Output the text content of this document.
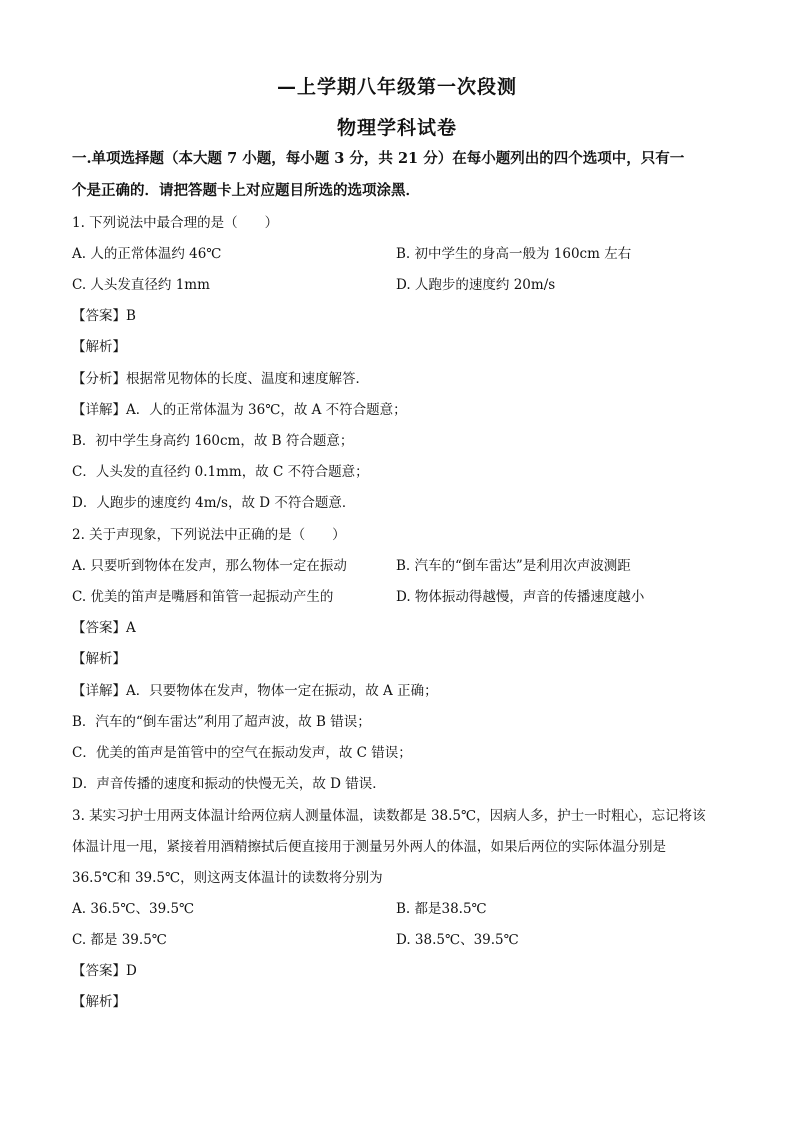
—上学期八年级第一次段测
物理学科试卷
一.单项选择题（本大题 7 小题，每小题 3 分，共 21 分）在每小题列出的四个选项中，只有一
个是正确的．请把答题卡上对应题目所选的选项涂黑．
1. 下列说法中最合理的是（　　）
A. 人的正常体温约 46℃	B. 初中学生的身高一般为 160cm 左右
C. 人头发直径约 1mm	D. 人跑步的速度约 20m/s
【答案】B
【解析】
【分析】根据常见物体的长度、温度和速度解答．
【详解】A．人的正常体温为 36℃，故 A 不符合题意；
B．初中学生身高约 160cm，故 B 符合题意；
C．人头发的直径约 0.1mm，故 C 不符合题意；
D．人跑步的速度约 4m/s，故 D 不符合题意．
2. 关于声现象，下列说法中正确的是（　　）
A. 只要听到物体在发声，那么物体一定在振动	B. 汽车的“倒车雷达”是利用次声波测距
C. 优美的笛声是嘴唇和笛管一起振动产生的	D. 物体振动得越慢，声音的传播速度越小
【答案】A
【解析】
【详解】A．只要物体在发声，物体一定在振动，故 A 正确；
B．汽车的“倒车雷达”利用了超声波，故 B 错误；
C．优美的笛声是笛管中的空气在振动发声，故 C 错误；
D．声音传播的速度和振动的快慢无关，故 D 错误．
3. 某实习护士用两支体温计给两位病人测量体温，读数都是 38.5℃，因病人多，护士一时粗心，忘记将该
体温计甩一甩，紧接着用酒精擦拭后便直接用于测量另外两人的体温，如果后两位的实际体温分别是
36.5℃和 39.5℃，则这两支体温计的读数将分别为
A. 36.5℃、39.5℃	B. 都是38.5℃
C. 都是 39.5℃	D. 38.5℃、39.5℃
【答案】D
【解析】
